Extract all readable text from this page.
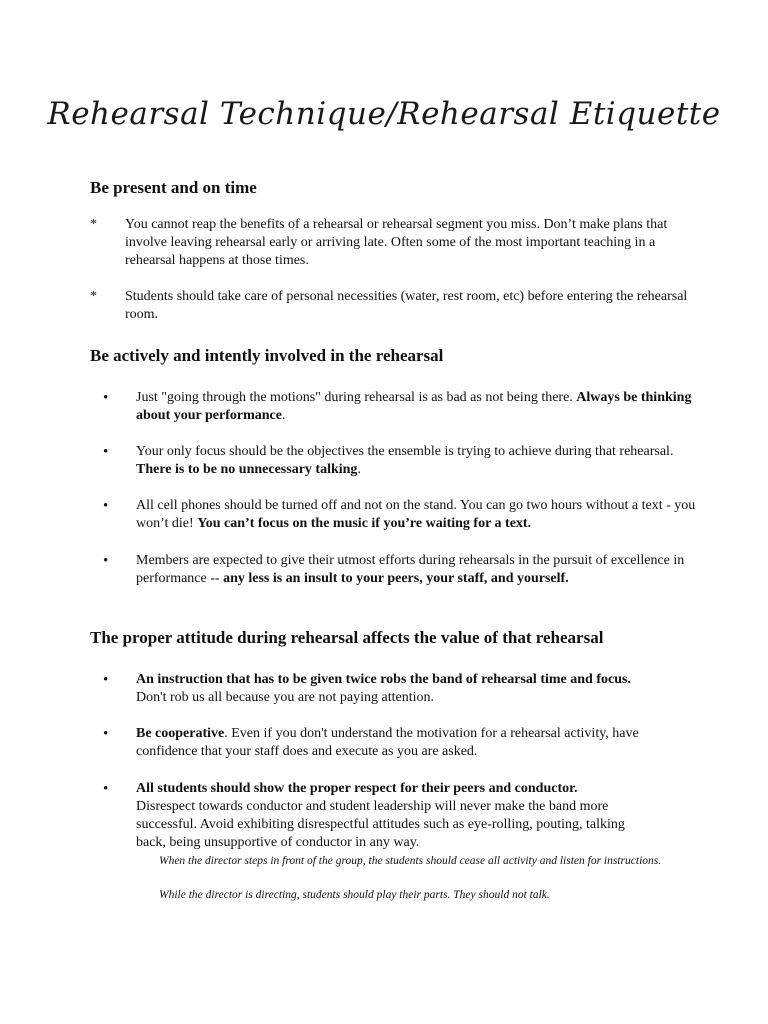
Rehearsal Technique/Rehearsal Etiquette
Be present and on time
* You cannot reap the benefits of a rehearsal or rehearsal segment you miss. Don’t make plans that involve leaving rehearsal early or arriving late. Often some of the most important teaching in a rehearsal happens at those times.
* Students should take care of personal necessities (water, rest room, etc) before entering the rehearsal room.
Be actively and intently involved in the rehearsal
• Just "going through the motions" during rehearsal is as bad as not being there. Always be thinking about your performance.
• Your only focus should be the objectives the ensemble is trying to achieve during that rehearsal. There is to be no unnecessary talking.
• All cell phones should be turned off and not on the stand. You can go two hours without a text - you won’t die! You can’t focus on the music if you’re waiting for a text.
• Members are expected to give their utmost efforts during rehearsals in the pursuit of excellence in performance -- any less is an insult to your peers, your staff, and yourself.
The proper attitude during rehearsal affects the value of that rehearsal
• An instruction that has to be given twice robs the band of rehearsal time and focus.
Don't rob us all because you are not paying attention.
• Be cooperative. Even if you don't understand the motivation for a rehearsal activity, have confidence that your staff does and execute as you are asked.
• All students should show the proper respect for their peers and conductor.
Disrespect towards conductor and student leadership will never make the band more successful. Avoid exhibiting disrespectful attitudes such as eye-rolling, pouting, talking back, being unsupportive of conductor in any way.
When the director steps in front of the group, the students should cease all activity and listen for instructions.
While the director is directing, students should play their parts. They should not talk.
